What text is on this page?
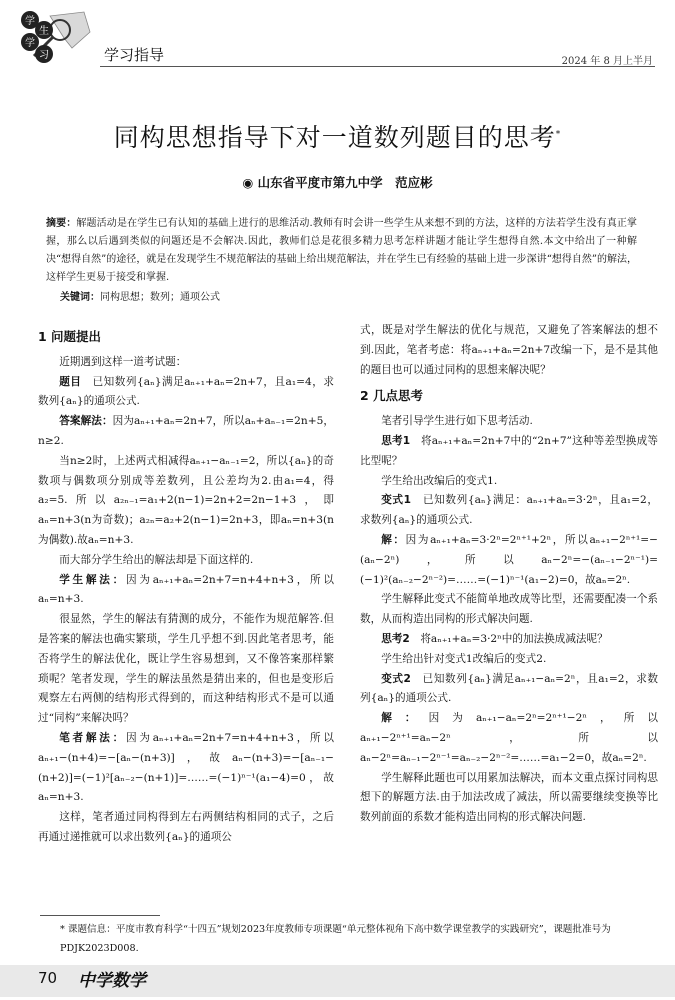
学
生
学
习	学习指导	2024 年 8 月上半月
同构思想指导下对一道数列题目的思考*
◉ 山东省平度市第九中学　范应彬
摘要：解题活动是在学生已有认知的基础上进行的思维活动.教师有时会讲一些学生从来想不到的方法，这样的方法若学生没有真正掌握，那么以后遇到类似的问题还是不会解决.因此，教师们总是花很多精力思考怎样讲题才能让学生想得自然.本文中给出了一种解决“想得自然”的途径，就是在发现学生不规范解法的基础上给出规范解法，并在学生已有经验的基础上进一步深讲“想得自然”的解法，这样学生更易于接受和掌握.
关键词：同构思想；数列；通项公式
1 问题提出

近期遇到这样一道考试题：

题目　 已知数列{aₙ}满足aₙ₊₁+aₙ=2n+7，且a₁=4，求数列{aₙ}的通项公式.

答案解法：因为aₙ₊₁+aₙ=2n+7，所以aₙ+aₙ₋₁=2n+5，n≥2.

当n≥2时，上述两式相减得aₙ₊₁−aₙ₋₁=2，所以{aₙ}的奇数项与偶数项分别成等差数列，且公差均为2.由a₁=4，得a₂=5.所以a₂ₙ₋₁=a₁+2(n−1)=2n+2=2n−1+3，即aₙ=n+3(n为奇数)；a₂ₙ=a₂+2(n−1)=2n+3，即aₙ=n+3(n为偶数).故aₙ=n+3.

而大部分学生给出的解法却是下面这样的.

学生解法：因为aₙ₊₁+aₙ=2n+7=n+4+n+3，所以aₙ=n+3.

很显然，学生的解法有猜测的成分，不能作为规范解答.但是答案的解法也确实繁琐，学生几乎想不到.因此笔者思考，能否将学生的解法优化，既让学生容易想到，又不像答案那样繁琐呢？笔者发现，学生的解法虽然是猜出来的，但也是变形后观察左右两侧的结构形式得到的，而这种结构形式不是可以通过“同构”来解决吗？

笔者解法：因为aₙ₊₁+aₙ=2n+7=n+4+n+3，所以aₙ₊₁−(n+4)=−[aₙ−(n+3)]，故aₙ−(n+3)=−[aₙ₋₁−(n+2)]=(−1)²[aₙ₋₂−(n+1)]=……=(−1)ⁿ⁻¹(a₁−4)=0，故aₙ=n+3.

这样，笔者通过同构得到左右两侧结构相同的式子，之后再通过递推就可以求出数列{aₙ}的通项公

式，既是对学生解法的优化与规范，又避免了答案解法的想不到.因此，笔者考虑：将aₙ₊₁+aₙ=2n+7改编一下，是不是其他的题目也可以通过同构的思想来解决呢？

2 几点思考

笔者引导学生进行如下思考活动.

思考1　 将aₙ₊₁+aₙ=2n+7中的“2n+7”这种等差型换成等比型呢？

学生给出改编后的变式1.

变式1　 已知数列{aₙ}满足：aₙ₊₁+aₙ=3·2ⁿ，且a₁=2，求数列{aₙ}的通项公式.

解：因为aₙ₊₁+aₙ=3·2ⁿ=2ⁿ⁺¹+2ⁿ，所以aₙ₊₁−2ⁿ⁺¹=−(aₙ−2ⁿ)，所以aₙ−2ⁿ=−(aₙ₋₁−2ⁿ⁻¹)=(−1)²(aₙ₋₂−2ⁿ⁻²)=……=(−1)ⁿ⁻¹(a₁−2)=0，故aₙ=2ⁿ.

学生解释此变式不能简单地改成等比型，还需要配凑一个系数，从而构造出同构的形式解决问题.

思考2　 将aₙ₊₁+aₙ=3·2ⁿ中的加法换成减法呢？

学生给出针对变式1改编后的变式2.

变式2　 已知数列{aₙ}满足aₙ₊₁−aₙ=2ⁿ，且a₁=2，求数列{aₙ}的通项公式.

解：因为aₙ₊₁−aₙ=2ⁿ=2ⁿ⁺¹−2ⁿ，所以aₙ₊₁−2ⁿ⁺¹=aₙ−2ⁿ，所以aₙ−2ⁿ=aₙ₋₁−2ⁿ⁻¹=aₙ₋₂−2ⁿ⁻²=……=a₁−2=0，故aₙ=2ⁿ.

学生解释此题也可以用累加法解决，而本文重点探讨同构思想下的解题方法.由于加法改成了减法，所以需要继续变换等比数列前面的系数才能构造出同构的形式解决问题.

* 课题信息：平度市教育科学“十四五”规划2023年度教师专项课题“单元整体视角下高中数学课堂教学的实践研究”，课题批准号为PDJK2023D008.
70 中学数学
